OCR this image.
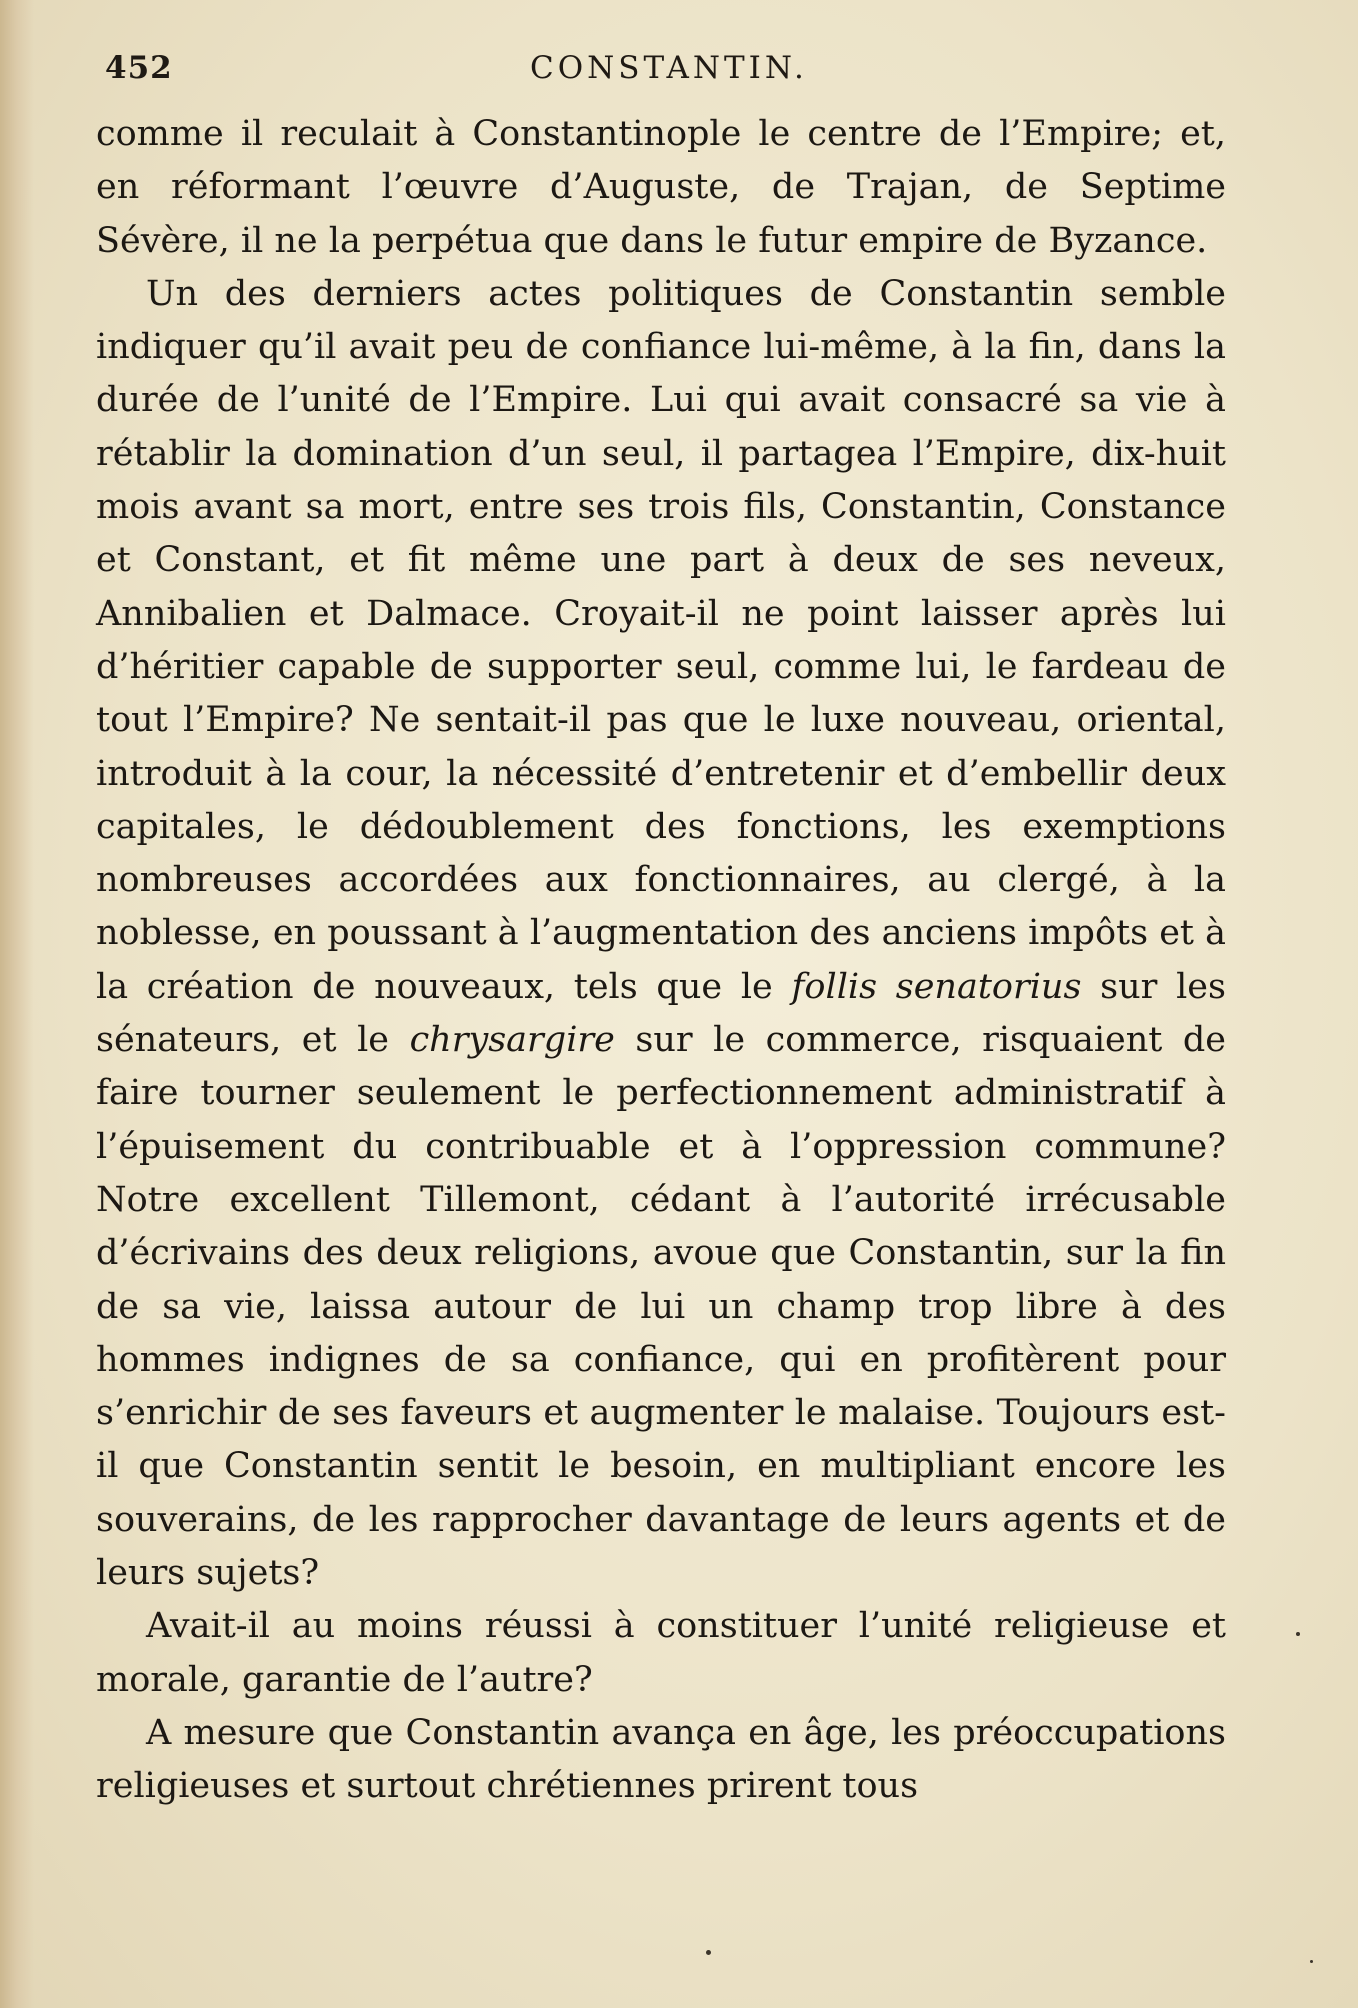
452	CONSTANTIN.

comme il reculait à Constantinople le centre de l’Empire; et, en réformant l’œuvre d’Auguste, de Trajan, de Septime Sévère, il ne la perpétua que dans le futur empire de Byzance.

Un des derniers actes politiques de Constantin semble indiquer qu’il avait peu de confiance lui-même, à la fin, dans la durée de l’unité de l’Empire. Lui qui avait consacré sa vie à rétablir la domination d’un seul, il partagea l’Empire, dix-huit mois avant sa mort, entre ses trois fils, Constantin, Constance et Constant, et fit même une part à deux de ses neveux, Annibalien et Dalmace. Croyait-il ne point laisser après lui d’héritier capable de supporter seul, comme lui, le fardeau de tout l’Empire? Ne sentait-il pas que le luxe nouveau, oriental, introduit à la cour, la nécessité d’entretenir et d’embellir deux capitales, le dédoublement des fonctions, les exemptions nombreuses accordées aux fonctionnaires, au clergé, à la noblesse, en poussant à l’augmentation des anciens impôts et à la création de nouveaux, tels que le follis senatorius sur les sénateurs, et le chrysargire sur le commerce, risquaient de faire tourner seulement le perfectionnement administratif à l’épuisement du contribuable et à l’oppression commune? Notre excellent Tillemont, cédant à l’autorité irrécusable d’écrivains des deux religions, avoue que Constantin, sur la fin de sa vie, laissa autour de lui un champ trop libre à des hommes indignes de sa confiance, qui en profitèrent pour s’enrichir de ses faveurs et augmenter le malaise. Toujours est-il que Constantin sentit le besoin, en multipliant encore les souverains, de les rapprocher davantage de leurs agents et de leurs sujets?

Avait-il au moins réussi à constituer l’unité religieuse et morale, garantie de l’autre?

A mesure que Constantin avança en âge, les préoccupations religieuses et surtout chrétiennes prirent tous
